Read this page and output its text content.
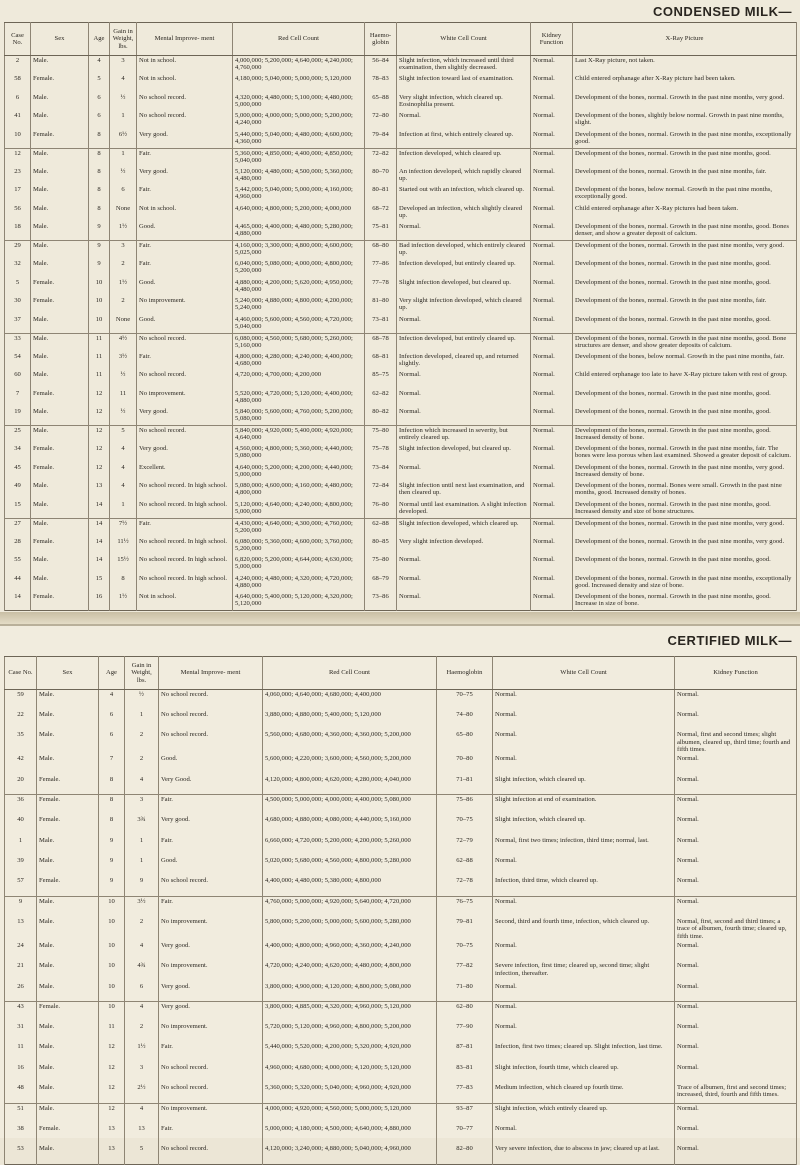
CONDENSED MILK—
Case No.	Sex	Age	Gain in Weight, lbs.	Mental Improve- ment	Red Cell Count	Haemo- globin	White Cell Count	Kidney Function	X-Ray Picture
2	Male.	4	3	Not in school.	4,000,000; 5,200,000; 4,640,000; 4,240,000; 4,760,000	56–84	Slight infection, which increased until third examination, then slightly decreased.	Normal.	Last X-Ray picture, not taken.
58	Female.	5	4	Not in school.	4,180,000; 5,040,000; 5,000,000; 5,120,000	78–83	Slight infection toward last of examination.	Normal.	Child entered orphanage after X-Ray picture had been taken.
6	Male.	6	½	No school record.	4,320,000; 4,480,000; 5,100,000; 4,480,000; 5,000,000	65–88	Very slight infection, which cleared up. Eosinophilia present.	Normal.	Development of the bones, normal. Growth in the past nine months, very good.
41	Male.	6	1	No school record.	5,000,000; 4,000,000; 5,000,000; 5,200,000; 4,240,000	72–80	Normal.	Normal.	Development of the bones, slightly below normal. Growth in past nine months, slight.
10	Female.	8	6½	Very good.	5,440,000; 5,040,000; 4,480,000; 4,600,000; 4,360,000	79–84	Infection at first, which entirely cleared up.	Normal.	Development of the bones, normal. Growth in the past nine months, exceptionally good.
12	Male.	8	1	Fair.	5,360,000; 4,850,000; 4,400,000; 4,850,000; 5,040,000	72–82	Infection developed, which cleared up.	Normal.	Development of the bones, normal. Growth in the past nine months, good.
23	Male.	8	½	Very good.	5,120,000; 4,480,000; 4,500,000; 5,360,000; 4,480,000	80–70	An infection developed, which rapidly cleared up.	Normal.	Development of the bones, normal. Growth in the past nine months, fair.
17	Male.	8	6	Fair.	5,442,000; 5,040,000; 5,000,000; 4,160,000; 4,960,000	80–81	Started out with an infection, which cleared up.	Normal.	Development of the bones, below normal. Growth in the past nine months, exceptionally good.
56	Male.	8	None	Not in school.	4,640,000; 4,800,000; 5,200,000; 4,000,000	68–72	Developed an infection, which slightly cleared up.	Normal.	Child entered orphanage after X-Ray pictures had been taken.
18	Male.	9	1½	Good.	4,465,000; 4,400,000; 4,480,000; 5,280,000; 4,880,000	75–81	Normal.	Normal.	Development of the bones, normal. Growth in the past nine months, good. Bones denser, and show a greater deposit of calcium.
29	Male.	9	3	Fair.	4,160,000; 3,300,000; 4,800,000; 4,600,000; 5,025,000	68–80	Bad infection developed, which entirely cleared up.	Normal.	Development of the bones, normal. Growth in the past nine months, very good.
32	Male.	9	2	Fair.	6,040,000; 5,080,000; 4,000,000; 4,800,000; 5,200,000	77–86	Infection developed, but entirely cleared up.	Normal.	Development of the bones, normal. Growth in the past nine months, good.
5	Female.	10	1½	Good.	4,880,000; 4,200,000; 5,620,000; 4,950,000; 4,480,000	77–78	Slight infection developed, but cleared up.	Normal.	Development of the bones, normal. Growth in the past nine months, good.
30	Female.	10	2	No improvement.	5,240,000; 4,880,000; 4,800,000; 4,200,000; 5,240,000	81–80	Very slight infection developed, which cleared up.	Normal.	Development of the bones, normal. Growth in the past nine months, fair.
37	Male.	10	None	Good.	4,460,000; 5,600,000; 4,560,000; 4,720,000; 5,040,000	73–81	Normal.	Normal.	Development of the bones, normal. Growth in the past nine months, good.
33	Male.	11	4½	No school record.	6,080,000; 4,560,000; 5,680,000; 5,260,000; 5,160,000	68–78	Infection developed, but entirely cleared up.	Normal.	Development of the bones, normal. Growth in the past nine months, good. Bone structures are denser, and show greater deposits of calcium.
54	Male.	11	3½	Fair.	4,800,000; 4,280,000; 4,240,000; 4,400,000; 4,680,000	68–81	Infection developed, cleared up, and returned slightly.	Normal.	Development of the bones, below normal. Growth in the past nine months, fair.
60	Male.	11	½	No school record.	4,720,000; 4,700,000; 4,200,000	85–75	Normal.	Normal.	Child entered orphanage too late to have X-Ray picture taken with rest of group.
7	Female.	12	11	No improvement.	5,520,000; 4,720,000; 5,120,000; 4,400,000; 4,880,000	62–82	Normal.	Normal.	Development of the bones, normal. Growth in the past nine months, good.
19	Male.	12	½	Very good.	5,840,000; 5,600,000; 4,760,000; 5,200,000; 5,080,000	80–82	Normal.	Normal.	Development of the bones, normal. Growth in the past nine months, good.
25	Male.	12	5	No school record.	5,840,000; 4,920,000; 5,400,000; 4,920,000; 4,640,000	75–80	Infection which increased in severity, but entirely cleared up.	Normal.	Development of the bones, normal. Growth in the past nine months, good. Increased density of bone.
34	Female.	12	4	Very good.	4,560,000; 4,800,000; 5,360,000; 4,440,000; 5,080,000	75–78	Slight infection developed, but cleared up.	Normal.	Development of the bones, normal. Growth in the past nine months, fair. The bones were less porous when last examined. Showed a greater deposit of calcium.
45	Female.	12	4	Excellent.	4,640,000; 5,200,000; 4,200,000; 4,440,000; 5,000,000	73–84	Normal.	Normal.	Development of the bones, normal. Growth in the past nine months, very good. Increased density of bone.
49	Male.	13	4	No school record. In high school.	5,080,000; 4,600,000; 4,160,000; 4,480,000; 4,800,000	72–84	Slight infection until next last examination, and then cleared up.	Normal.	Development of the bones, normal. Bones were small. Growth in the past nine months, good. Increased density of bones.
15	Male.	14	1	No school record. In high school.	5,120,000; 4,640,000; 4,240,000; 4,800,000; 5,000,000	76–80	Normal until last examination. A slight infection developed.	Normal.	Development of the bones, normal. Growth in the past nine months, good. Increased density and size of bone structures.
27	Male.	14	7½	Fair.	4,430,000; 4,640,000; 4,300,000; 4,760,000; 5,200,000	62–88	Slight infection developed, which cleared up.	Normal.	Development of the bones, normal. Growth in the past nine months, very good.
28	Female.	14	11½	No school record. In high school.	6,080,000; 5,360,000; 4,600,000; 3,760,000; 5,200,000	80–85	Very slight infection developed.	Normal.	Development of the bones, normal. Growth in the past nine months, very good.
55	Male.	14	15½	No school record. In high school.	6,820,000; 5,200,000; 4,644,000; 4,630,000; 5,000,000	75–80	Normal.	Normal.	Development of the bones, normal. Growth in the past nine months, good.
44	Male.	15	8	No school record. In high school.	4,240,000; 4,480,000; 4,320,000; 4,720,000; 4,880,000	68–79	Normal.	Normal.	Development of the bones, normal. Growth in the past nine months, exceptionally good. Increased density and size of bone.
14	Female.	16	1½	Not in school.	4,640,000; 5,400,000; 5,120,000; 4,320,000; 5,120,000	73–86	Normal.	Normal.	Development of the bones, normal. Growth in the past nine months, good. Increase in size of bone.
CERTIFIED MILK—
Case No.	Sex	Age	Gain in Weight, lbs.	Mental Improve- ment	Red Cell Count	Haemoglobin	White Cell Count	Kidney Function
59	Male.	4	½	No school record.	4,060,000; 4,640,000; 4,680,000; 4,400,000	70–75	Normal.	Normal.
22	Male.	6	1	No school record.	3,880,000; 4,880,000; 5,400,000; 5,120,000	74–80	Normal.	Normal.
35	Male.	6	2	No school record.	5,560,000; 4,680,000; 4,360,000; 4,360,000; 5,200,000	65–80	Normal.	Normal, first and second times; slight albumen, cleared up, third time; fourth and fifth times.
42	Male.	7	2	Good.	5,600,000; 4,220,000; 3,600,000; 4,560,000; 5,200,000	70–80	Normal.	Normal.
20	Female.	8	4	Very Good.	4,120,000; 4,800,000; 4,620,000; 4,280,000; 4,040,000	71–81	Slight infection, which cleared up.	Normal.
36	Female.	8	3	Fair.	4,500,000; 5,000,000; 4,000,000; 4,400,000; 5,080,000	75–86	Slight infection at end of examination.	Normal.
40	Female.	8	3¾	Very good.	4,680,000; 4,880,000; 4,080,000; 4,440,000; 5,160,000	70–75	Slight infection, which cleared up.	Normal.
1	Male.	9	1	Fair.	6,660,000; 4,720,000; 5,200,000; 4,200,000; 5,260,000	72–79	Normal, first two times; infection, third time; normal, last.	Normal.
39	Male.	9	1	Good.	5,020,000; 5,680,000; 4,560,000; 4,800,000; 5,280,000	62–88	Normal.	Normal.
57	Female.	9	9	No school record.	4,400,000; 4,480,000; 5,380,000; 4,800,000	72–78	Infection, third time, which cleared up.	Normal.
9	Male.	10	3½	Fair.	4,760,000; 5,000,000; 4,920,000; 5,640,000; 4,720,000	76–75	Normal.	Normal.
13	Male.	10	2	No improvement.	5,800,000; 5,200,000; 5,000,000; 5,600,000; 5,280,000	79–81	Second, third and fourth time, infection, which cleared up.	Normal, first, second and third times; a trace of albumen, fourth time; cleared up, fifth time.
24	Male.	10	4	Very good.	4,400,000; 4,800,000; 4,960,000; 4,360,000; 4,240,000	70–75	Normal.	Normal.
21	Male.	10	4¾	No improvement.	4,720,000; 4,240,000; 4,620,000; 4,480,000; 4,800,000	77–82	Severe infection, first time; cleared up, second time; slight infection, thereafter.	Normal.
26	Male.	10	6	Very good.	3,800,000; 4,900,000; 4,120,000; 4,800,000; 5,080,000	71–80	Normal.	Normal.
43	Female.	10	4	Very good.	3,800,000; 4,885,000; 4,320,000; 4,960,000; 5,120,000	62–80	Normal.	Normal.
31	Male.	11	2	No improvement.	5,720,000; 5,120,000; 4,960,000; 4,800,000; 5,200,000	77–90	Normal.	Normal.
11	Male.	12	1½	Fair.	5,440,000; 5,520,000; 4,200,000; 5,320,000; 4,920,000	87–81	Infection, first two times; cleared up. Slight infection, last time.	Normal.
16	Male.	12	3	No school record.	4,960,000; 4,680,000; 4,000,000; 4,120,000; 5,120,000	83–81	Slight infection, fourth time, which cleared up.	Normal.
48	Male.	12	2½	No school record.	5,360,000; 5,320,000; 5,040,000; 4,960,000; 4,920,000	77–83	Medium infection, which cleared up fourth time.	Trace of albumen, first and second times; increased, third, fourth and fifth times.
51	Male.	12	4	No improvement.	4,000,000; 4,920,000; 4,560,000; 5,000,000; 5,120,000	93–87	Slight infection, which entirely cleared up.	Normal.
38	Female.	13	13	Fair.	5,000,000; 4,180,000; 4,500,000; 4,640,000; 4,880,000	70–77	Normal.	Normal.
53	Male.	13	5	No school record.	4,120,000; 3,240,000; 4,880,000; 5,040,000; 4,960,000	82–80	Very severe infection, due to abscess in jaw; cleared up at last.	Normal.
